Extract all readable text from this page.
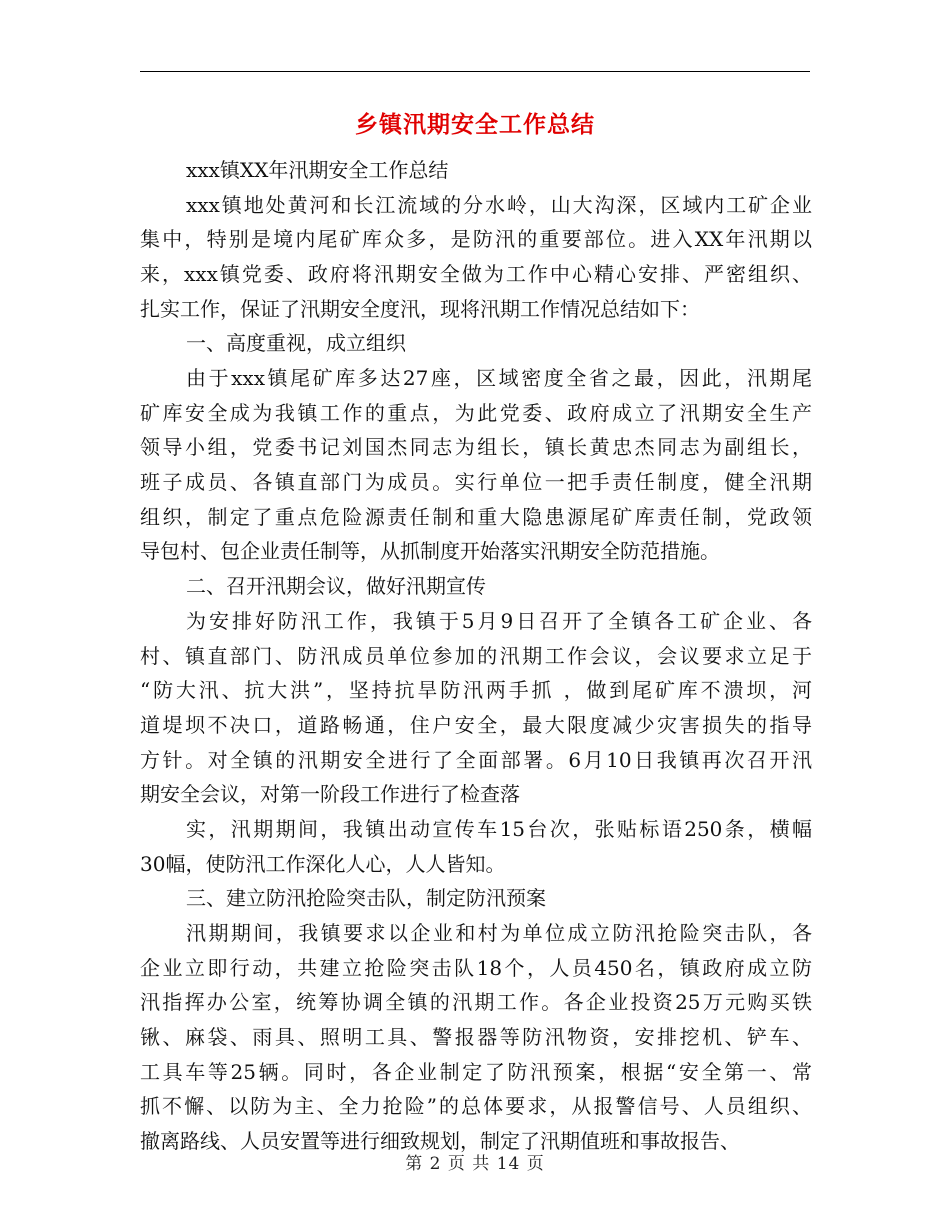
乡镇汛期安全工作总结
xxx镇XX年汛期安全工作总结
xxx镇地处黄河和长江流域的分水岭，山大沟深，区域内工矿企业
集中，特别是境内尾矿库众多，是防汛的重要部位。进入XX年汛期以
来，xxx镇党委、政府将汛期安全做为工作中心精心安排、严密组织、
扎实工作，保证了汛期安全度汛，现将汛期工作情况总结如下：
一、高度重视，成立组织
由于xxx镇尾矿库多达27座，区域密度全省之最，因此，汛期尾
矿库安全成为我镇工作的重点，为此党委、政府成立了汛期安全生产
领导小组，党委书记刘国杰同志为组长，镇长黄忠杰同志为副组长，
班子成员、各镇直部门为成员。实行单位一把手责任制度，健全汛期
组织，制定了重点危险源责任制和重大隐患源尾矿库责任制，党政领
导包村、包企业责任制等，从抓制度开始落实汛期安全防范措施。
二、召开汛期会议，做好汛期宣传
为安排好防汛工作，我镇于5月9日召开了全镇各工矿企业、各
村、镇直部门、防汛成员单位参加的汛期工作会议，会议要求立足于
“防大汛、抗大洪”，坚持抗旱防汛两手抓 ，做到尾矿库不溃坝，河
道堤坝不决口，道路畅通，住户安全，最大限度减少灾害损失的指导
方针。对全镇的汛期安全进行了全面部署。6月10日我镇再次召开汛
期安全会议，对第一阶段工作进行了检查落
实，汛期期间，我镇出动宣传车15台次，张贴标语250条，横幅
30幅，使防汛工作深化人心，人人皆知。
三、建立防汛抢险突击队，制定防汛预案
汛期期间，我镇要求以企业和村为单位成立防汛抢险突击队，各
企业立即行动，共建立抢险突击队18个，人员450名，镇政府成立防
汛指挥办公室，统筹协调全镇的汛期工作。各企业投资25万元购买铁
锹、麻袋、雨具、照明工具、警报器等防汛物资，安排挖机、铲车、
工具车等25辆。同时，各企业制定了防汛预案，根据“安全第一、常
抓不懈、以防为主、全力抢险”的总体要求，从报警信号、人员组织、
撤离路线、人员安置等进行细致规划，制定了汛期值班和事故报告、
第 2 页 共 14 页
